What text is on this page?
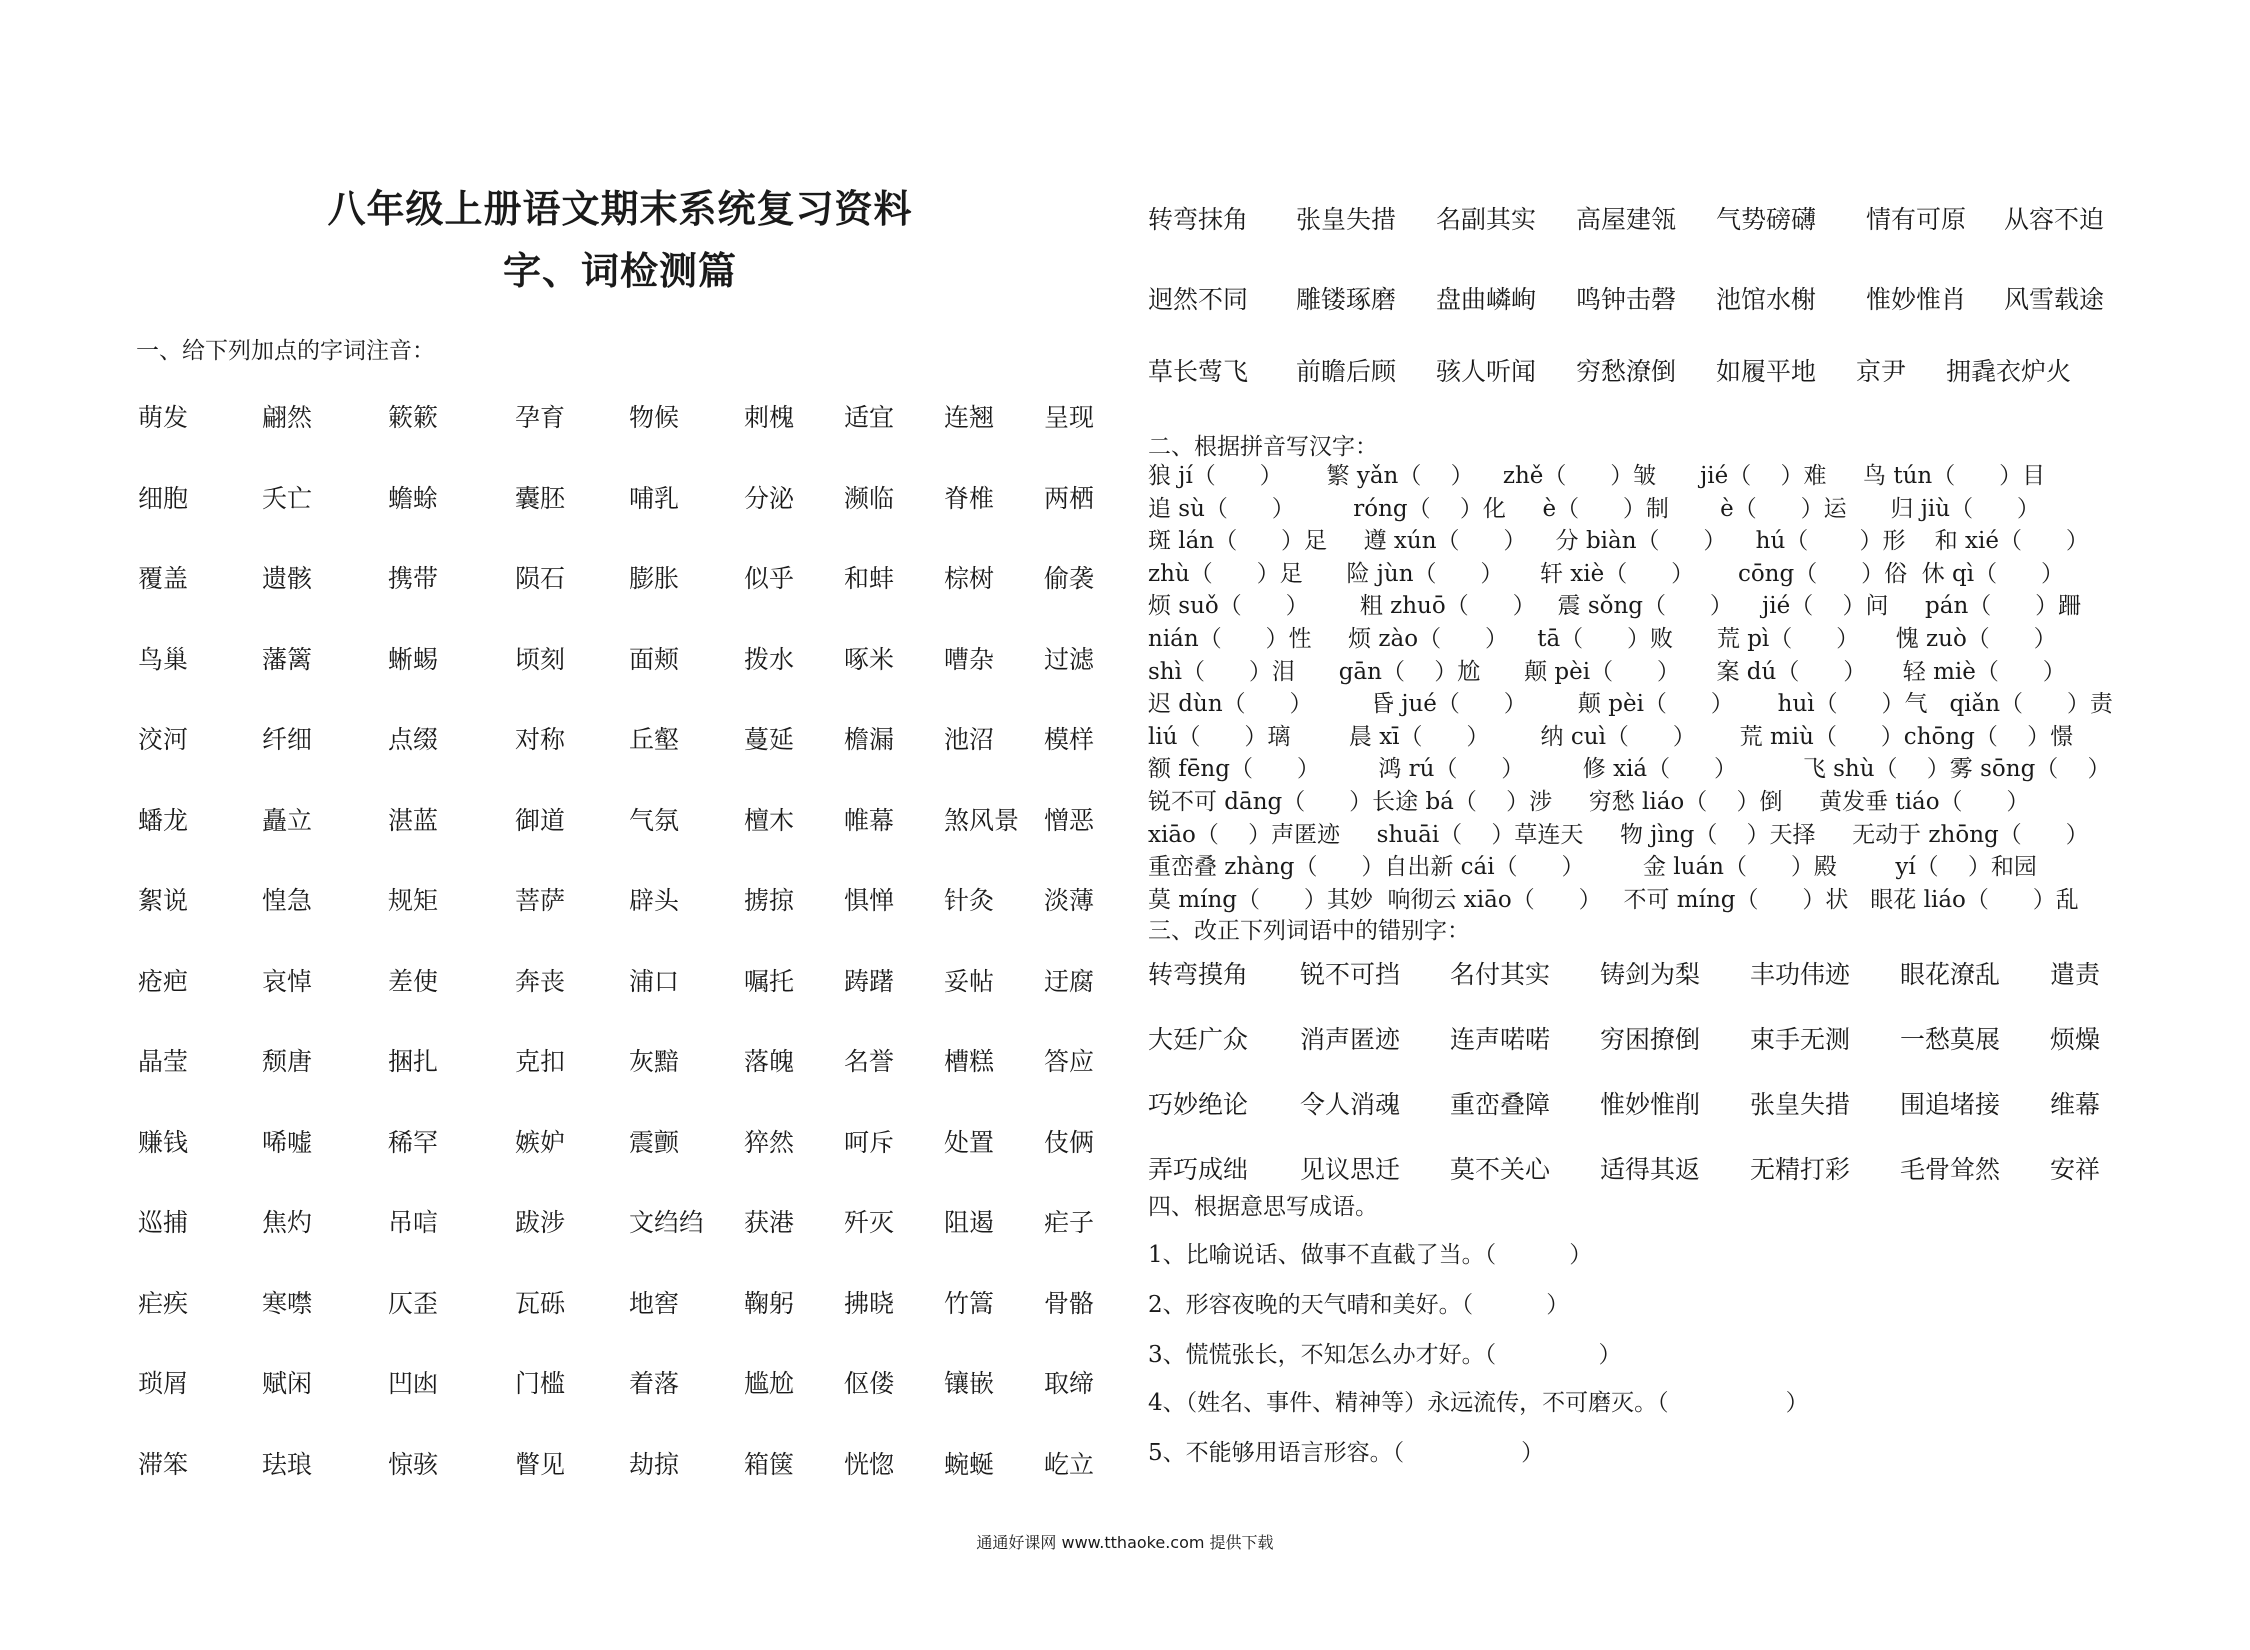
八年级上册语文期末系统复习资料
字、词检测篇
一、给下列加点的字词注音：
萌发	翩然	簌簌	孕育	物候	刺槐 适宜 连翘 呈现
细胞	夭亡	蟾蜍	囊胚	哺乳	分泌 濒临 脊椎 两栖
覆盖	遗骸	携带	陨石	膨胀	似乎 和蚌 棕树 偷袭
鸟巢	藩篱	蜥蜴	顷刻	面颊	拨水 啄米 嘈杂 过滤
洨河	纤细	点缀	对称	丘壑	蔓延 檐漏 池沼 模样
蟠龙	矗立	湛蓝	御道	气氛	檀木 帷幕 煞风景 憎恶
絮说	惶急	规矩	菩萨	辟头	掳掠 惧惮 针灸 淡薄
疮疤	哀悼	差使	奔丧	浦口	嘱托 踌躇 妥帖 迂腐
晶莹	颓唐	捆扎	克扣	灰黯	落魄 名誉 槽糕 答应
赚钱	唏嘘	稀罕	嫉妒	震颤	猝然 呵斥 处置 伎俩
巡捕	焦灼	吊唁	跋涉	文绉绉 获港 歼灭 阻遏 疟子
疟疾	寒噤	仄歪	瓦砾	地窖	鞠躬 拂晓 竹篙 骨骼
琐屑	赋闲	凹凼	门槛	着落	尴尬 伛偻 镶嵌 取缔
滞笨	珐琅	惊骇	瞥见	劫掠	箱箧 恍惚 蜿蜒 屹立
转弯抹角 张皇失措 名副其实 高屋建瓴 气势磅礴 情有可原 从容不迫
迥然不同 雕镂琢磨 盘曲嶙峋 鸣钟击磬 池馆水榭 惟妙惟肖 风雪载途
草长莺飞 前瞻后顾 骇人听闻 穷愁潦倒 如履平地 京尹 拥毳衣炉火
二、根据拼音写汉字：
狼 jí（      ）      繁 yǎn（    ）    zhě（      ）皱      jié（    ）难     鸟 tún（      ）目
追 sù（      ）        róng（    ）化     è（      ）制       è（      ）运      归 jiù（      ）
斑 lán（      ）足     遵 xún（      ）    分 biàn（      ）    hú（       ）形    和 xié（      ）
zhù（      ）足      险 jùn（      ）     轩 xiè（      ）      cōng（      ）俗  休 qì（      ）
烦 suǒ（      ）       粗 zhuō（      ）   震 sǒng（      ）    jié（    ）问     pán（      ）跚
nián（      ）性     烦 zào（      ）    tā（      ）败      荒 pì（      ）     愧 zuò（      ）
shì（      ）泪      gān（    ）尬      颠 pèi（      ）     案 dú（      ）     轻 miè（      ）
迟 dùn（      ）        昏 jué（      ）       颠 pèi（      ）      huì（      ）气   qiǎn（      ）责
liú（      ）璃        晨 xī（      ）       纳 cuì（      ）      荒 miù（      ）chōng（    ）憬
额 fēng（      ）        鸿 rú（      ）        修 xiá（      ）         飞 shù（    ）雾 sōng（    ）
锐不可 dāng（      ）长途 bá（    ）涉     穷愁 liáo（    ）倒     黄发垂 tiáo（      ）
xiāo（    ）声匿迹     shuāi（    ）草连天     物 jìng（    ）天择     无动于 zhōng（      ）
重峦叠 zhàng（      ）自出新 cái（      ）        金 luán（      ）殿        yí（    ）和园
莫 míng（      ）其妙  响彻云 xiāo（      ）   不可 míng（      ）状   眼花 liáo（      ）乱
三、改正下列词语中的错别字：
转弯摸角 锐不可挡 名付其实 铸剑为梨 丰功伟迹 眼花潦乱 遣责
大廷广众 消声匿迹 连声喏喏 穷困撩倒 束手无测 一愁莫展 烦燥
巧妙绝论 令人消魂 重峦叠障 惟妙惟削 张皇失措 围追堵接 维幕
弄巧成绌 见议思迁 莫不关心 适得其返 无精打彩 毛骨耸然 安祥
四、根据意思写成语。
1、比喻说话、做事不直截了当。（          ）
2、形容夜晚的天气晴和美好。（          ）
3、慌慌张长，不知怎么办才好。（              ）
4、（姓名、事件、精神等）永远流传，不可磨灭。（                ）
5、不能够用语言形容。（                ）
通通好课网 www.tthaoke.com 提供下载
